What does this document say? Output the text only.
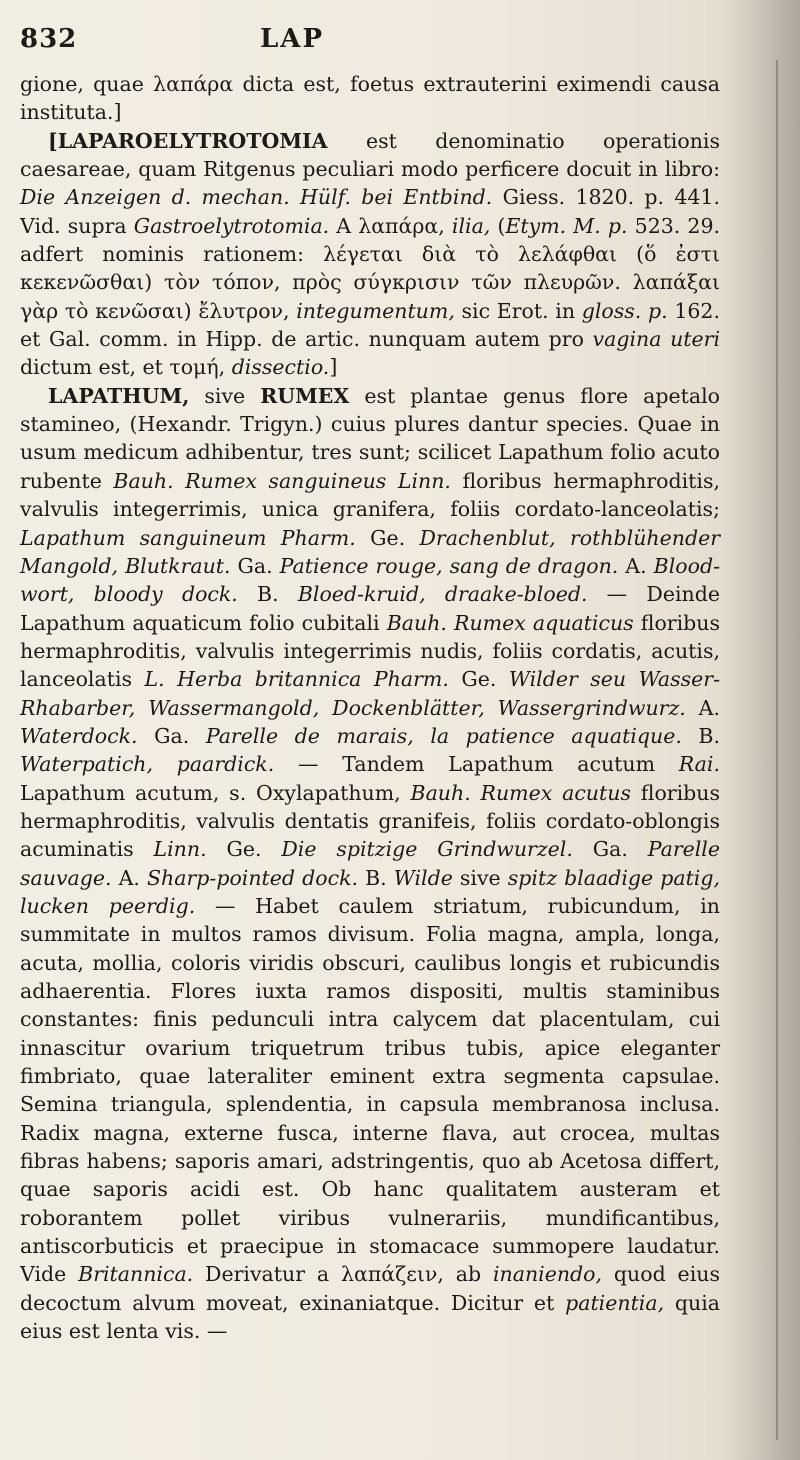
832	LAP

gione, quae λαπάρα dicta est, foetus extrauterini eximendi causa instituta.]

[LAPAROELYTROTOMIA est denominatio operationis caesareae, quam Ritgenus peculiari modo perficere docuit in libro: Die Anzeigen d. mechan. Hülf. bei Entbind. Giess. 1820. p. 441. Vid. supra Gastroelytrotomia. A λαπάρα, ilia, (Etym. M. p. 523. 29. adfert nominis rationem: λέγεται διὰ τὸ λελάφθαι (ὅ ἐστι κεκενῶσθαι) τὸν τόπον, πρὸς σύγκρισιν τῶν πλευρῶν. λαπάξαι γὰρ τὸ κενῶσαι) ἔλυτρον, integumentum, sic Erot. in gloss. p. 162. et Gal. comm. in Hipp. de artic. nunquam autem pro vagina uteri dictum est, et τομή, dissectio.]

LAPATHUM, sive RUMEX est plantae genus flore apetalo stamineo, (Hexandr. Trigyn.) cuius plures dantur species. Quae in usum medicum adhibentur, tres sunt; scilicet Lapathum folio acuto rubente Bauh. Rumex sanguineus Linn. floribus hermaphroditis, valvulis integerrimis, unica granifera, foliis cordato-lanceolatis; Lapathum sanguineum Pharm. Ge. Drachenblut, rothblühender Mangold, Blutkraut. Ga. Patience rouge, sang de dragon. A. Blood-wort, bloody dock. B. Bloed-kruid, draake-bloed. — Deinde Lapathum aquaticum folio cubitali Bauh. Rumex aquaticus floribus hermaphroditis, valvulis integerrimis nudis, foliis cordatis, acutis, lanceolatis L. Herba britannica Pharm. Ge. Wilder seu Wasser-Rhabarber, Wassermangold, Dockenblätter, Wassergrindwurz. A. Waterdock. Ga. Parelle de marais, la patience aquatique. B. Waterpatich, paardick. — Tandem Lapathum acutum Rai. Lapathum acutum, s. Oxylapathum, Bauh. Rumex acutus floribus hermaphroditis, valvulis dentatis granifeis, foliis cordato-oblongis acuminatis Linn. Ge. Die spitzige Grindwurzel. Ga. Parelle sauvage. A. Sharp-pointed dock. B. Wilde sive spitz blaadige patig, lucken peerdig. — Habet caulem striatum, rubicundum, in summitate in multos ramos divisum. Folia magna, ampla, longa, acuta, mollia, coloris viridis obscuri, caulibus longis et rubicundis adhaerentia. Flores iuxta ramos dispositi, multis staminibus constantes: finis pedunculi intra calycem dat placentulam, cui innascitur ovarium triquetrum tribus tubis, apice eleganter fimbriato, quae lateraliter eminent extra segmenta capsulae. Semina triangula, splendentia, in capsula membranosa inclusa. Radix magna, externe fusca, interne flava, aut crocea, multas fibras habens; saporis amari, adstringentis, quo ab Acetosa differt, quae saporis acidi est. Ob hanc qualitatem austeram et roborantem pollet viribus vulnerariis, mundificantibus, antiscorbuticis et praecipue in stomacace summopere laudatur. Vide Britannica. Derivatur a λαπάζειν, ab inaniendo, quod eius decoctum alvum moveat, exinaniatque. Dicitur et patientia, quia eius est lenta vis. —
